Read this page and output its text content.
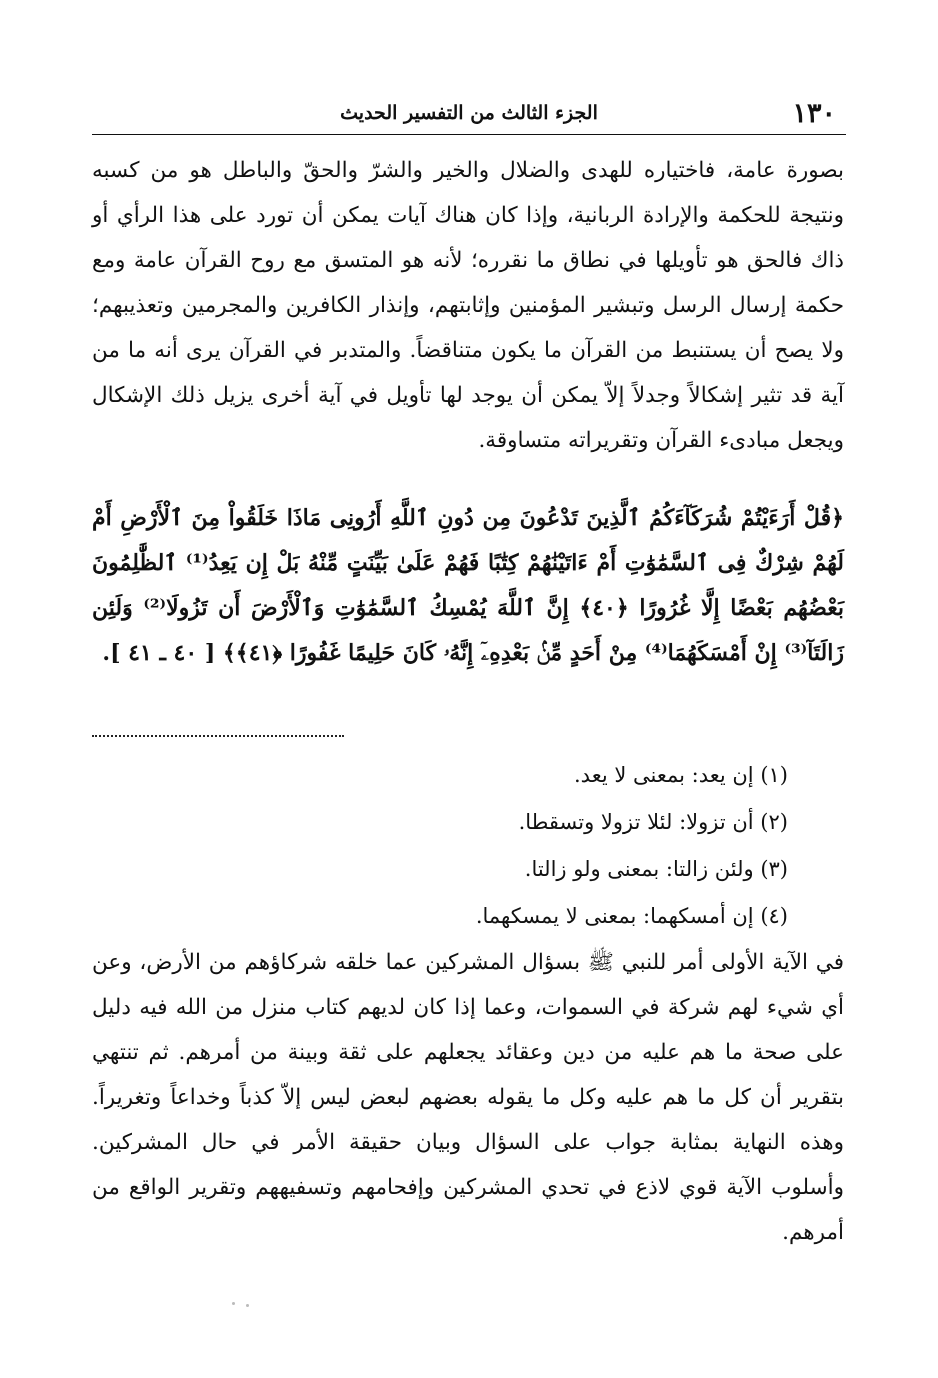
١٣٠
الجزء الثالث من التفسير الحديث

بصورة عامة، فاختياره للهدى والضلال والخير والشرّ والحقّ والباطل هو من كسبه ونتيجة للحكمة والإرادة الربانية، وإذا كان هناك آيات يمكن أن تورد على هذا الرأي أو ذاك فالحق هو تأويلها في نطاق ما نقرره؛ لأنه هو المتسق مع روح القرآن عامة ومع حكمة إرسال الرسل وتبشير المؤمنين وإثابتهم، وإنذار الكافرين والمجرمين وتعذيبهم؛ ولا يصح أن يستنبط من القرآن ما يكون متناقضاً. والمتدبر في القرآن يرى أنه ما من آية قد تثير إشكالاً وجدلاً إلاّ يمكن أن يوجد لها تأويل في آية أخرى يزيل ذلك الإشكال ويجعل مبادىء القرآن وتقريراته متساوقة.

﴿قُلْ أَرَءَيْتُمْ شُرَكَآءَكُمُ ٱلَّذِينَ تَدْعُونَ مِن دُونِ ٱللَّهِ أَرُونِى مَاذَا خَلَقُواْ مِنَ ٱلْأَرْضِ أَمْ لَهُمْ شِرْكٌ فِى ٱلسَّمَٰوَٰتِ أَمْ ءَاتَيْنَٰهُمْ كِتَٰبًا فَهُمْ عَلَىٰ بَيِّنَتٍ مِّنْهُ بَلْ إِن يَعِدُ⁽¹⁾ ٱلظَّٰلِمُونَ بَعْضُهُم بَعْضًا إِلَّا غُرُورًا ﴿٤٠﴾ إِنَّ ٱللَّهَ يُمْسِكُ ٱلسَّمَٰوَٰتِ وَٱلْأَرْضَ أَن تَزُولَا⁽²⁾ وَلَئِن زَالَتَآ⁽³⁾ إِنْ أَمْسَكَهُمَا⁽⁴⁾ مِنْ أَحَدٍ مِّنۢ بَعْدِهِۦٓ إِنَّهُۥ كَانَ حَلِيمًا غَفُورًا ﴿٤١﴾﴾ [ ٤٠ ـ ٤١ ].

(١) إن يعد: بمعنى لا يعد.
(٢) أن تزولا: لئلا تزولا وتسقطا.
(٣) ولئن زالتا: بمعنى ولو زالتا.
(٤) إن أمسكهما: بمعنى لا يمسكهما.

في الآية الأولى أمر للنبي ﷺ بسؤال المشركين عما خلقه شركاؤهم من الأرض، وعن أي شيء لهم شركة في السموات، وعما إذا كان لديهم كتاب منزل من الله فيه دليل على صحة ما هم عليه من دين وعقائد يجعلهم على ثقة وبينة من أمرهم. ثم تنتهي بتقرير أن كل ما هم عليه وكل ما يقوله بعضهم لبعض ليس إلاّ كذباً وخداعاً وتغريراً. وهذه النهاية بمثابة جواب على السؤال وبيان حقيقة الأمر في حال المشركين. وأسلوب الآية قوي لاذع في تحدي المشركين وإفحامهم وتسفيههم وتقرير الواقع من أمرهم.
